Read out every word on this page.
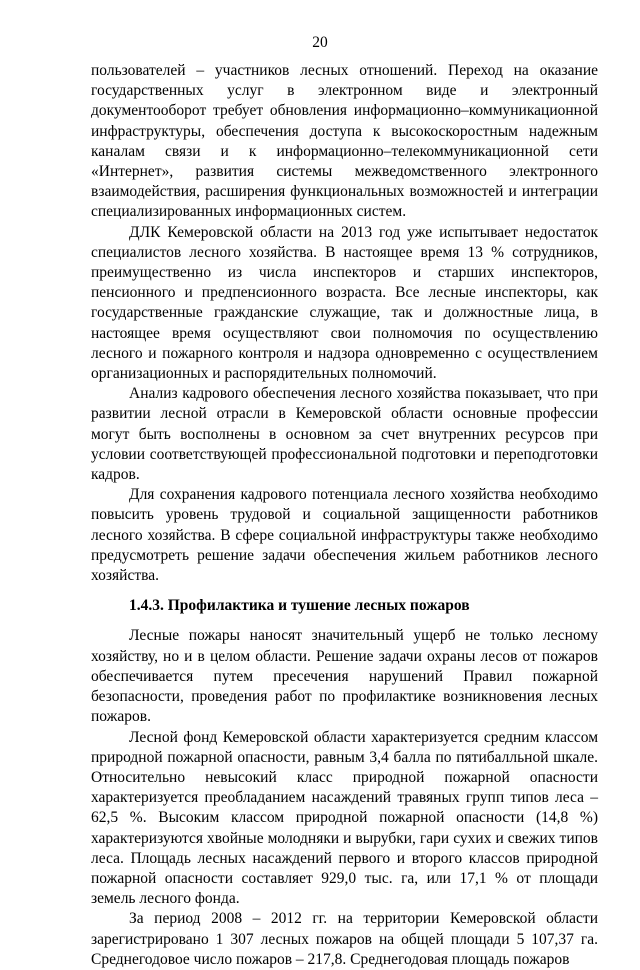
20

пользователей – участников лесных отношений. Переход на оказание государственных услуг в электронном виде и электронный документооборот требует обновления информационно–коммуникационной инфраструктуры, обеспечения доступа к высокоскоростным надежным каналам связи и к информационно–телекоммуникационной сети «Интернет», развития системы межведомственного электронного взаимодействия, расширения функциональных возможностей и интеграции специализированных информационных систем.

ДЛК Кемеровской области на 2013 год уже испытывает недостаток специалистов лесного хозяйства. В настоящее время 13 % сотрудников, преимущественно из числа инспекторов и старших инспекторов, пенсионного и предпенсионного возраста. Все лесные инспекторы, как государственные гражданские служащие, так и должностные лица, в настоящее время осуществляют свои полномочия по осуществлению лесного и пожарного контроля и надзора одновременно с осуществлением организационных и распорядительных полномочий.

Анализ кадрового обеспечения лесного хозяйства показывает, что при развитии лесной отрасли в Кемеровской области основные профессии могут быть восполнены в основном за счет внутренних ресурсов при условии соответствующей профессиональной подготовки и переподготовки кадров.

Для сохранения кадрового потенциала лесного хозяйства необходимо повысить уровень трудовой и социальной защищенности работников лесного хозяйства. В сфере социальной инфраструктуры также необходимо предусмотреть решение задачи обеспечения жильем работников лесного хозяйства.

1.4.3. Профилактика и тушение лесных пожаров

Лесные пожары наносят значительный ущерб не только лесному хозяйству, но и в целом области. Решение задачи охраны лесов от пожаров обеспечивается путем пресечения нарушений Правил пожарной безопасности, проведения работ по профилактике возникновения лесных пожаров.

Лесной фонд Кемеровской области характеризуется средним классом природной пожарной опасности, равным 3,4 балла по пятибалльной шкале. Относительно невысокий класс природной пожарной опасности характеризуется преобладанием насаждений травяных групп типов леса – 62,5 %. Высоким классом природной пожарной опасности (14,8 %) характеризуются хвойные молодняки и вырубки, гари сухих и свежих типов леса. Площадь лесных насаждений первого и второго классов природной пожарной опасности составляет 929,0 тыс. га, или 17,1 % от площади земель лесного фонда.

За период 2008 – 2012 гг. на территории Кемеровской области зарегистрировано 1 307 лесных пожаров на общей площади 5 107,37 га. Среднегодовое число пожаров – 217,8. Среднегодовая площадь пожаров
